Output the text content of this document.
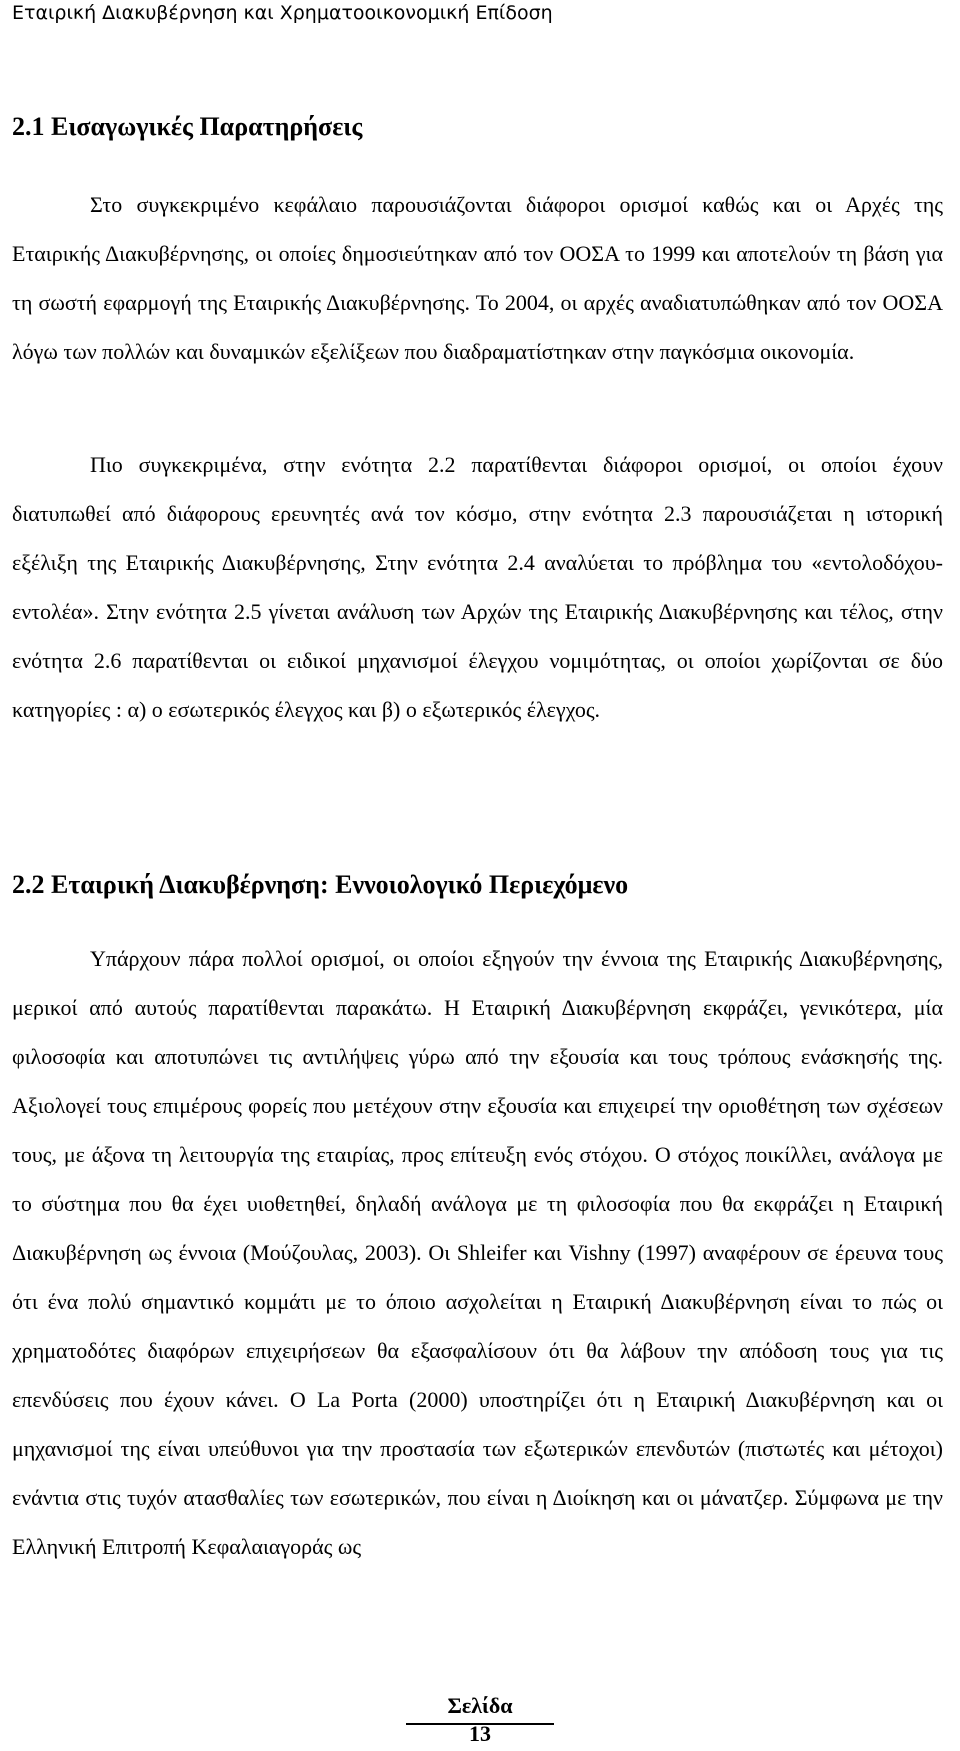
Εταιρική Διακυβέρνηση και Χρηματοοικονομική Επίδοση
2.1 Εισαγωγικές Παρατηρήσεις

Στο συγκεκριμένο κεφάλαιο παρουσιάζονται διάφοροι ορισμοί καθώς και οι Αρχές της Εταιρικής Διακυβέρνησης, οι οποίες δημοσιεύτηκαν από τον ΟΟΣΑ το 1999 και αποτελούν τη βάση για τη σωστή εφαρμογή της Εταιρικής Διακυβέρνησης. Το 2004, οι αρχές αναδιατυπώθηκαν από τον ΟΟΣΑ λόγω των πολλών και δυναμικών εξελίξεων που διαδραματίστηκαν στην παγκόσμια οικονομία.

Πιο συγκεκριμένα, στην ενότητα 2.2 παρατίθενται διάφοροι ορισμοί, οι οποίοι έχουν διατυπωθεί από διάφορους ερευνητές ανά τον κόσμο, στην ενότητα 2.3 παρουσιάζεται η ιστορική εξέλιξη της Εταιρικής Διακυβέρνησης, Στην ενότητα 2.4 αναλύεται το πρόβλημα του «εντολοδόχου- εντολέα». Στην ενότητα 2.5 γίνεται ανάλυση των Αρχών της Εταιρικής Διακυβέρνησης και τέλος, στην ενότητα 2.6 παρατίθενται οι ειδικοί μηχανισμοί έλεγχου νομιμότητας, οι οποίοι χωρίζονται σε δύο κατηγορίες : α) ο εσωτερικός έλεγχος και β) ο εξωτερικός έλεγχος.

2.2 Εταιρική Διακυβέρνηση: Εννοιολογικό Περιεχόμενο

Υπάρχουν πάρα πολλοί ορισμοί, οι οποίοι εξηγούν την έννοια της Εταιρικής Διακυβέρνησης, μερικοί από αυτούς παρατίθενται παρακάτω. Η Εταιρική Διακυβέρνηση εκφράζει, γενικότερα, μία φιλοσοφία και αποτυπώνει τις αντιλήψεις γύρω από την εξουσία και τους τρόπους ενάσκησής της. Αξιολογεί τους επιμέρους φορείς που μετέχουν στην εξουσία και επιχειρεί την οριοθέτηση των σχέσεων τους, με άξονα τη λειτουργία της εταιρίας, προς επίτευξη ενός στόχου. Ο στόχος ποικίλλει, ανάλογα με το σύστημα που θα έχει υιοθετηθεί, δηλαδή ανάλογα με τη φιλοσοφία που θα εκφράζει η Εταιρική Διακυβέρνηση ως έννοια (Μούζουλας, 2003). Οι Shleifer και Vishny (1997) αναφέρουν σε έρευνα τους ότι ένα πολύ σημαντικό κομμάτι με το όποιο ασχολείται η Εταιρική Διακυβέρνηση είναι το πώς οι χρηματοδότες διαφόρων επιχειρήσεων θα εξασφαλίσουν ότι θα λάβουν την απόδοση τους για τις επενδύσεις που έχουν κάνει. Ο La Porta (2000) υποστηρίζει ότι η Εταιρική Διακυβέρνηση και οι μηχανισμοί της είναι υπεύθυνοι για την προστασία των εξωτερικών επενδυτών (πιστωτές και μέτοχοι) ενάντια στις τυχόν ατασθαλίες των εσωτερικών, που είναι η Διοίκηση και οι μάνατζερ. Σύμφωνα με την Ελληνική Επιτροπή Κεφαλαιαγοράς ως

Σελίδα
13
